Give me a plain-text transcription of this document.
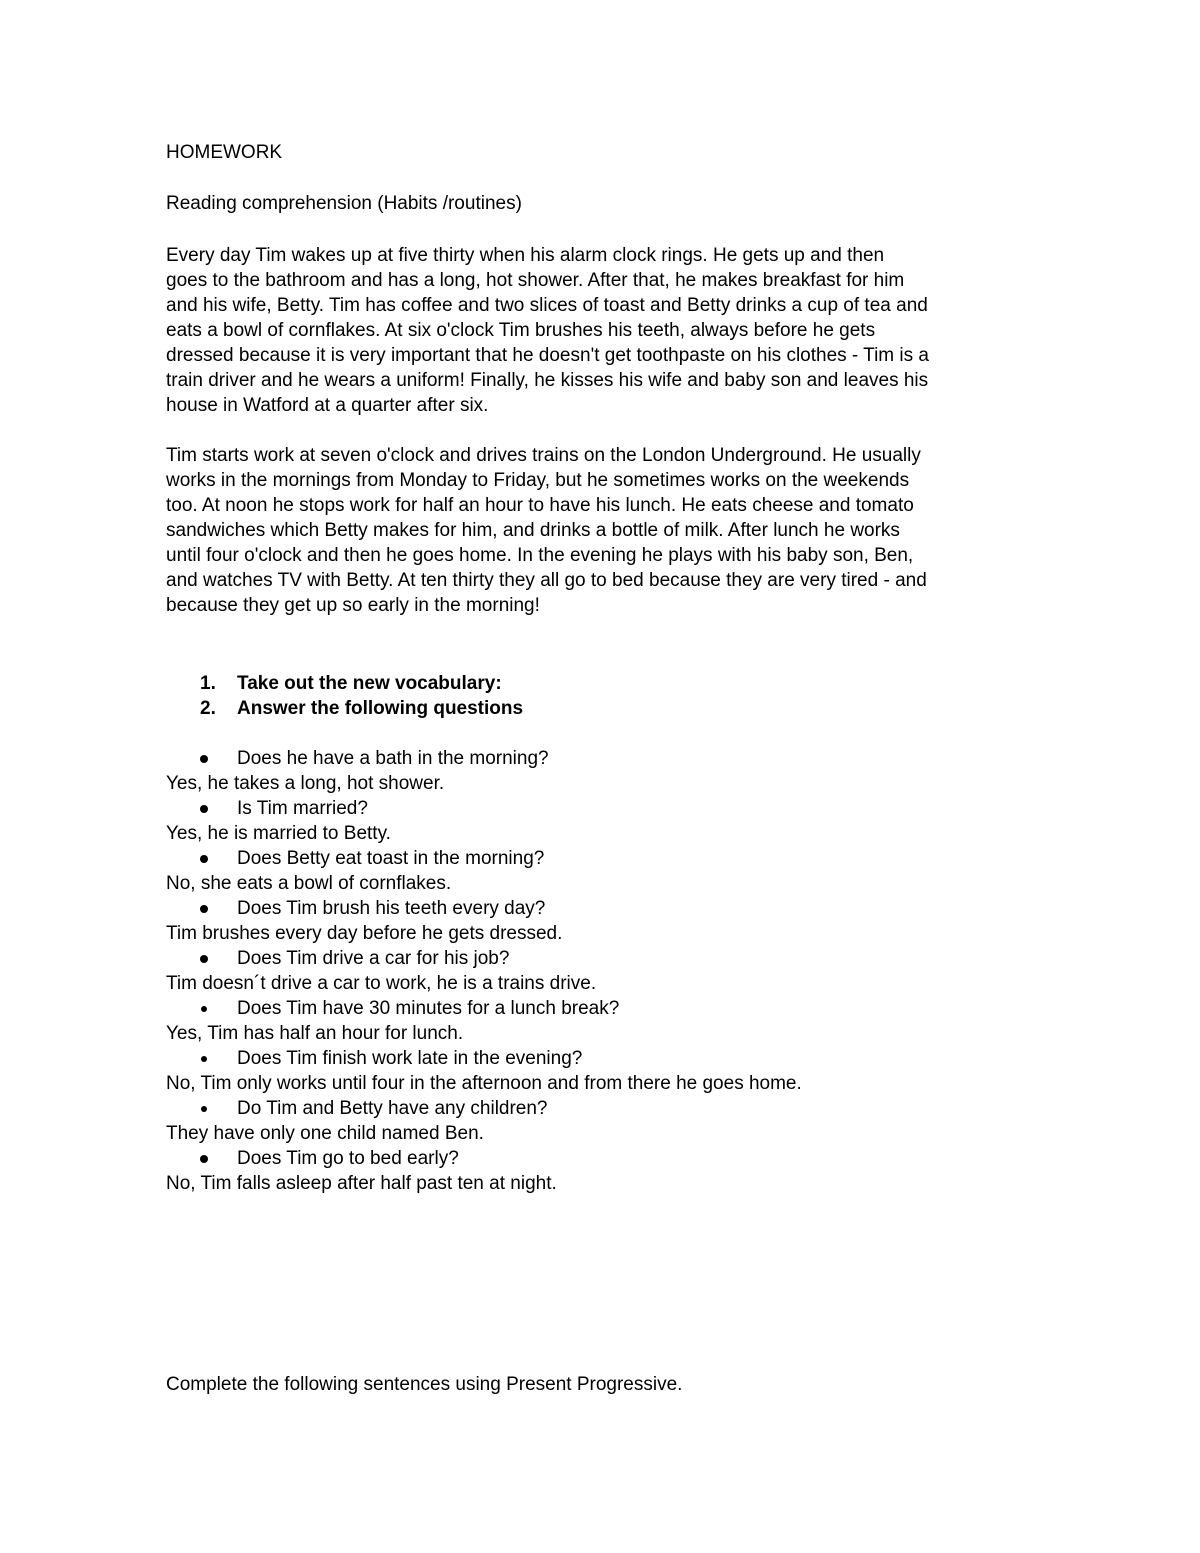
HOMEWORK
Reading comprehension (Habits /routines)
Every day Tim wakes up at five thirty when his alarm clock rings. He gets up and then
goes to the bathroom and has a long, hot shower. After that, he makes breakfast for him
and his wife, Betty. Tim has coffee and two slices of toast and Betty drinks a cup of tea and
eats a bowl of cornflakes. At six o'clock Tim brushes his teeth, always before he gets
dressed because it is very important that he doesn't get toothpaste on his clothes - Tim is a
train driver and he wears a uniform! Finally, he kisses his wife and baby son and leaves his
house in Watford at a quarter after six.
Tim starts work at seven o'clock and drives trains on the London Underground. He usually
works in the mornings from Monday to Friday, but he sometimes works on the weekends
too. At noon he stops work for half an hour to have his lunch. He eats cheese and tomato
sandwiches which Betty makes for him, and drinks a bottle of milk. After lunch he works
until four o'clock and then he goes home. In the evening he plays with his baby son, Ben,
and watches TV with Betty. At ten thirty they all go to bed because they are very tired - and
because they get up so early in the morning!
1. Take out the new vocabulary:
2. Answer the following questions
Does he have a bath in the morning?
Yes, he takes a long, hot shower.
Is Tim married?
Yes, he is married to Betty.
Does Betty eat toast in the morning?
No, she eats a bowl of cornflakes.
Does Tim brush his teeth every day?
Tim brushes every day before he gets dressed.
Does Tim drive a car for his job?
Tim doesn´t drive a car to work, he is a trains drive.
Does Tim have 30 minutes for a lunch break?
Yes, Tim has half an hour for lunch.
Does Tim finish work late in the evening?
No, Tim only works until four in the afternoon and from there he goes home.
Do Tim and Betty have any children?
They have only one child named Ben.
Does Tim go to bed early?
No, Tim falls asleep after half past ten at night.
Complete the following sentences using Present Progressive.
